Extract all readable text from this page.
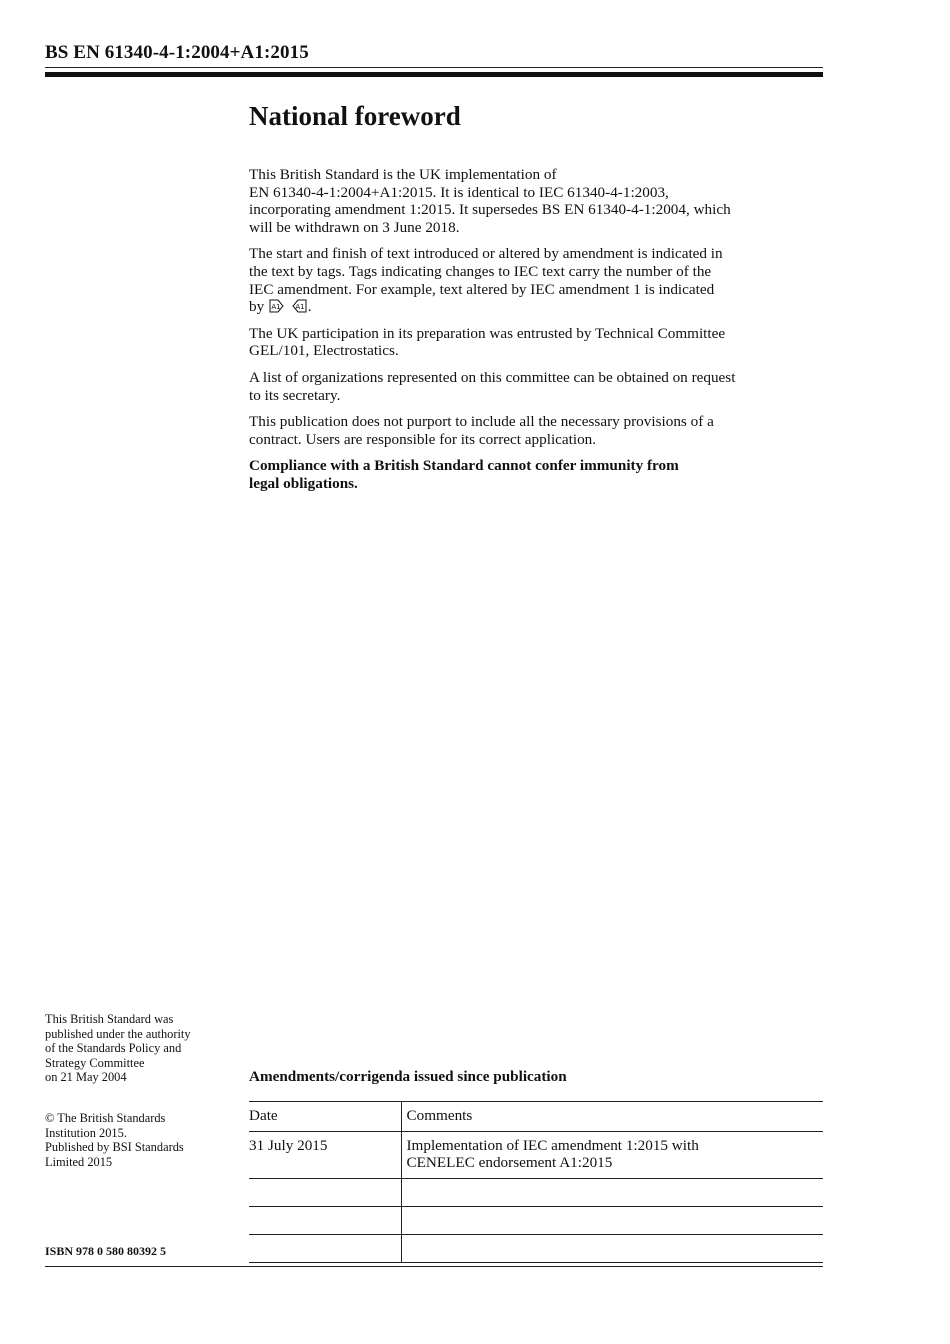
BS EN 61340-4-1:2004+A1:2015
National foreword

This British Standard is the UK implementation of
EN 61340-4-1:2004+A1:2015. It is identical to IEC 61340-4-1:2003,
incorporating amendment 1:2015. It supersedes BS EN 61340-4-1:2004, which
will be withdrawn on 3 June 2018.

The start and finish of text introduced or altered by amendment is indicated in
the text by tags. Tags indicating changes to IEC text carry the number of the
IEC amendment. For example, text altered by IEC amendment 1 is indicated
by A1
A1 .

The UK participation in its preparation was entrusted by Technical Committee
GEL/101, Electrostatics.

A list of organizations represented on this committee can be obtained on request
to its secretary.

This publication does not purport to include all the necessary provisions of a
contract. Users are responsible for its correct application.

Compliance with a British Standard cannot confer immunity from
legal obligations.

This British Standard was
published under the authority
of the Standards Policy and
Strategy Committee
on 21 May 2004
© The British Standards
Institution 2015.
Published by BSI Standards
Limited 2015
ISBN 978 0 580 80392 5
Amendments/corrigenda issued since publication
Date	Comments
31 July 2015	Implementation of IEC amendment 1:2015 with
CENELEC endorsement A1:2015
